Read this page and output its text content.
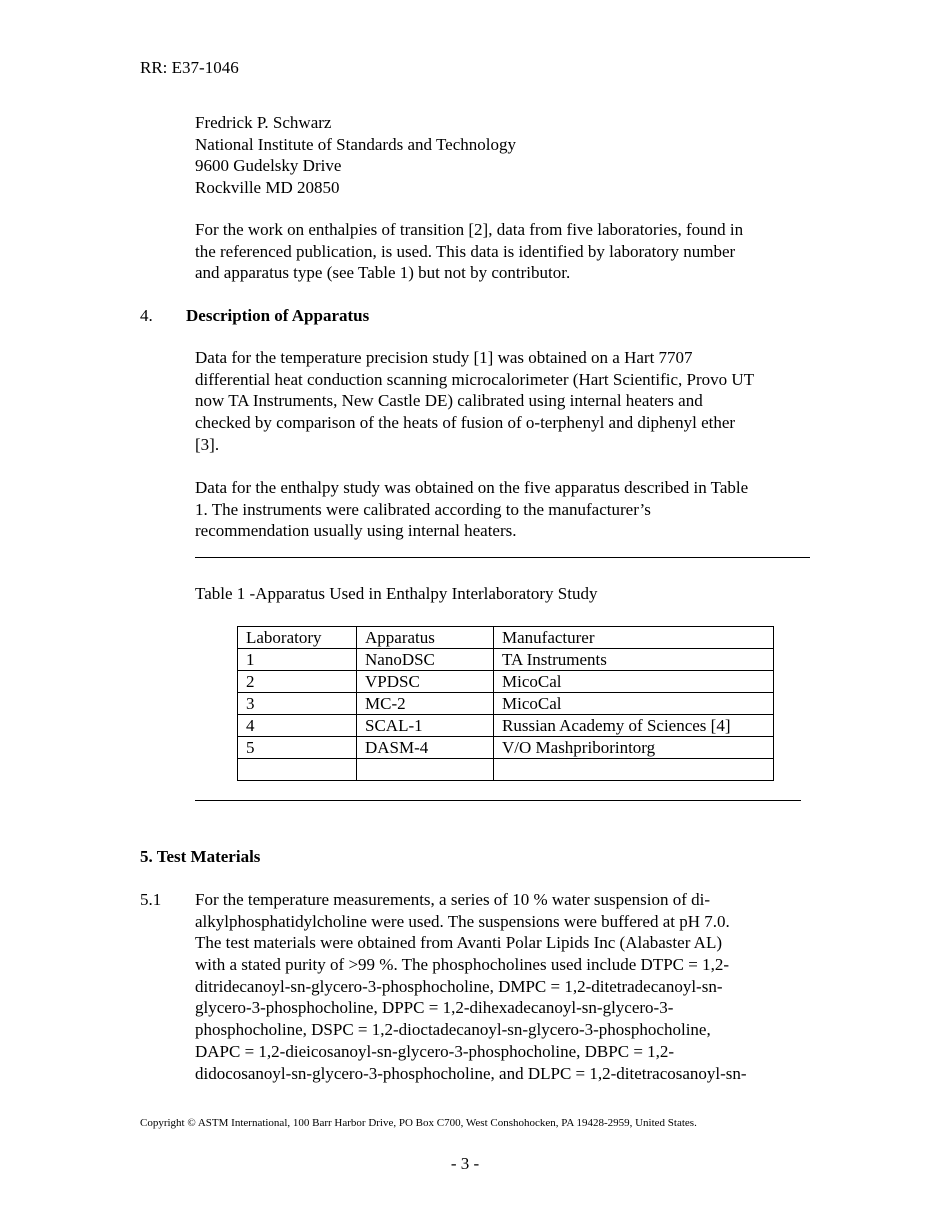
RR: E37-1046
Fredrick P. Schwarz
National Institute of Standards and Technology
9600 Gudelsky Drive
Rockville MD 20850
For the work on enthalpies of transition [2], data from five laboratories, found in
the referenced publication, is used. This data is identified by laboratory number
and apparatus type (see Table 1) but not by contributor.
4. Description of Apparatus
Data for the temperature precision study [1] was obtained on a Hart 7707
differential heat conduction scanning microcalorimeter (Hart Scientific, Provo UT
now TA Instruments, New Castle DE) calibrated using internal heaters and
checked by comparison of the heats of fusion of o-terphenyl and diphenyl ether
[3].
Data for the enthalpy study was obtained on the five apparatus described in Table
1. The instruments were calibrated according to the manufacturer’s
recommendation usually using internal heaters.
Table 1 -Apparatus Used in Enthalpy Interlaboratory Study
Laboratory	Apparatus	Manufacturer
1	NanoDSC	TA Instruments
2	VPDSC	MicoCal
3	MC-2	MicoCal
4	SCAL-1	Russian Academy of Sciences [4]
5	DASM-4	V/O Mashpriborintorg

5. Test Materials
5.1 For the temperature measurements, a series of 10 % water suspension of di-
alkylphosphatidylcholine were used. The suspensions were buffered at pH 7.0.
The test materials were obtained from Avanti Polar Lipids Inc (Alabaster AL)
with a stated purity of >99 %. The phosphocholines used include DTPC = 1,2-
ditridecanoyl-sn-glycero-3-phosphocholine, DMPC = 1,2-ditetradecanoyl-sn-
glycero-3-phosphocholine, DPPC = 1,2-dihexadecanoyl-sn-glycero-3-
phosphocholine, DSPC = 1,2-dioctadecanoyl-sn-glycero-3-phosphocholine,
DAPC = 1,2-dieicosanoyl-sn-glycero-3-phosphocholine, DBPC = 1,2-
didocosanoyl-sn-glycero-3-phosphocholine, and DLPC = 1,2-ditetracosanoyl-sn-
Copyright © ASTM International, 100 Barr Harbor Drive, PO Box C700, West Conshohocken, PA 19428-2959, United States.
- 3 -
